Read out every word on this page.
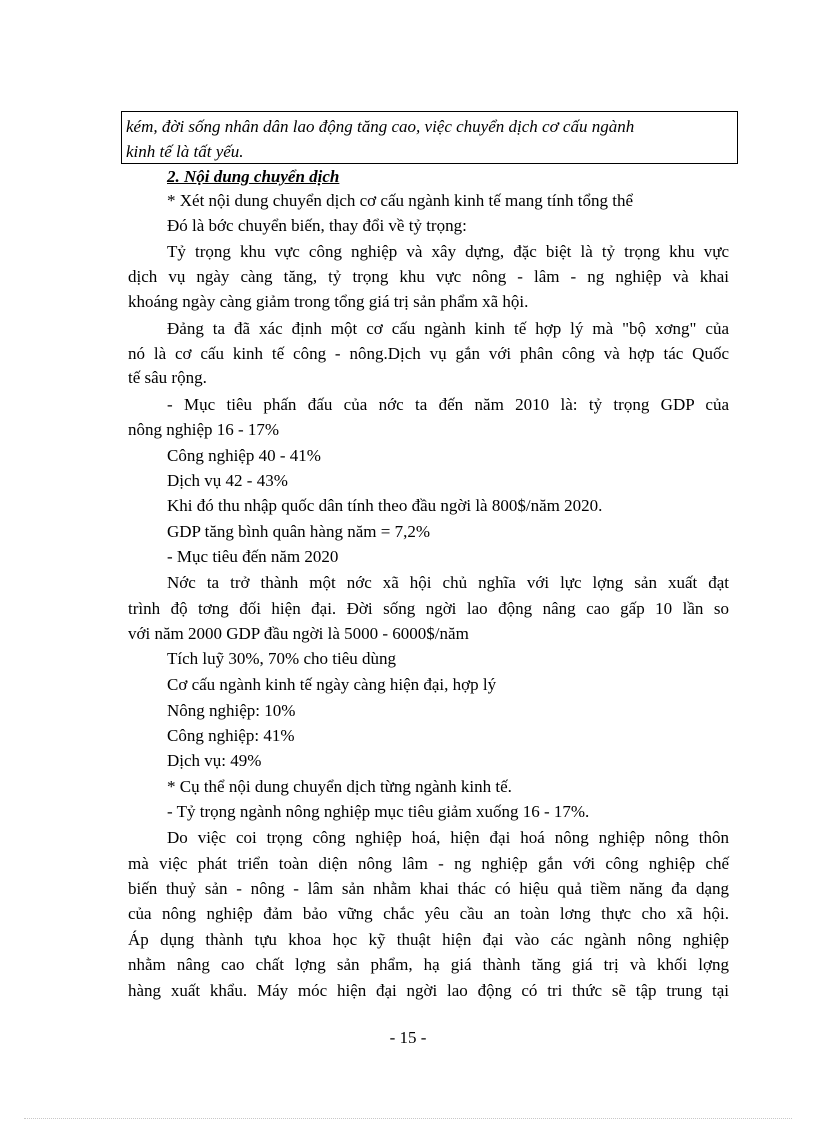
kém, đời sống nhân dân lao động tăng cao, việc chuyển dịch cơ cấu ngành
kinh tế là tất yếu.
2. Nội dung chuyển dịch
* Xét nội dung chuyển dịch cơ cấu ngành kinh tế mang tính tổng thể
Đó là bớc chuyển biến, thay đổi về tỷ trọng:
Tỷ trọng khu vực công nghiệp và xây dựng, đặc biệt là tỷ trọng khu vực
dịch vụ ngày càng tăng, tỷ trọng khu vực nông - lâm - ng nghiệp và khai
khoáng ngày càng giảm trong tổng giá trị sản phẩm xã hội.
Đảng ta đã xác định một cơ cấu ngành kinh tế hợp lý mà "bộ xơng" của
nó là cơ cấu kinh tế công - nông.Dịch vụ gắn với phân công và hợp tác Quốc
tế sâu rộng.
- Mục tiêu phấn đấu của nớc ta đến năm 2010 là: tỷ trọng GDP của
nông nghiệp 16 - 17%
Công nghiệp 40 - 41%
Dịch vụ 42 - 43%
Khi đó thu nhập quốc dân tính theo đầu ngời là 800$/năm 2020.
GDP tăng bình quân hàng năm = 7,2%
- Mục tiêu đến năm 2020
Nớc ta trở thành một nớc xã hội chủ nghĩa với lực lợng sản xuất đạt
trình độ tơng đối hiện đại. Đời sống ngời lao động nâng cao gấp 10 lần so
với năm 2000 GDP đầu ngời là 5000 - 6000$/năm
Tích luỹ 30%, 70% cho tiêu dùng
Cơ cấu ngành kinh tế ngày càng hiện đại, hợp lý
Nông nghiệp: 10%
Công nghiệp: 41%
Dịch vụ: 49%
* Cụ thể nội dung chuyển dịch từng ngành kinh tế.
- Tỷ trọng ngành nông nghiệp mục tiêu giảm xuống 16 - 17%.
Do việc coi trọng công nghiệp hoá, hiện đại hoá nông nghiệp nông thôn
mà việc phát triển toàn diện nông lâm - ng nghiệp gắn với công nghiệp chế
biến thuỷ sản - nông - lâm sản nhằm khai thác có hiệu quả tiềm năng đa dạng
của nông nghiệp đảm bảo vững chắc yêu cầu an toàn lơng thực cho xã hội.
Áp dụng thành tựu khoa học kỹ thuật hiện đại vào các ngành nông nghiệp
nhằm nâng cao chất lợng sản phẩm, hạ giá thành tăng giá trị và khối lợng
hàng xuất khẩu. Máy móc hiện đại ngời lao động có tri thức sẽ tập trung tại
- 15 -
